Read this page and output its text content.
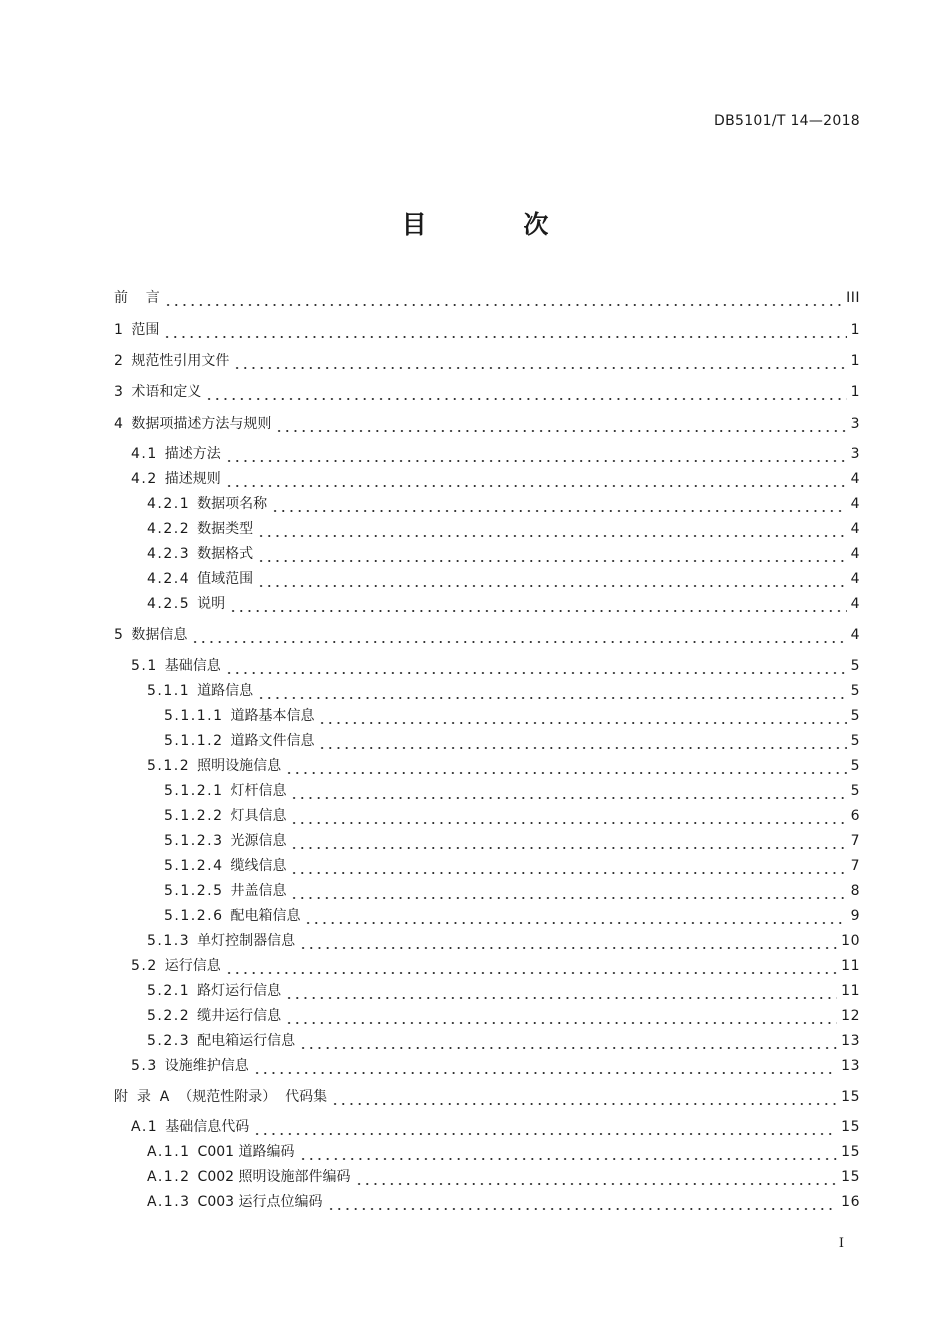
DB5101/T 14—2018
目 次
前    言	III
1 范围	1
2 规范性引用文件	1
3 术语和定义	1
4 数据项描述方法与规则	3
4.1 描述方法	3
4.2 描述规则	4
4.2.1 数据项名称	4
4.2.2 数据类型	4
4.2.3 数据格式	4
4.2.4 值域范围	4
4.2.5 说明	4
5 数据信息	4
5.1 基础信息	5
5.1.1 道路信息	5
5.1.1.1 道路基本信息	5
5.1.1.2 道路文件信息	5
5.1.2 照明设施信息	5
5.1.2.1 灯杆信息	5
5.1.2.2 灯具信息	6
5.1.2.3 光源信息	7
5.1.2.4 缆线信息	7
5.1.2.5 井盖信息	8
5.1.2.6 配电箱信息	9
5.1.3 单灯控制器信息	10
5.2 运行信息	11
5.2.1 路灯运行信息	11
5.2.2 缆井运行信息	12
5.2.3 配电箱运行信息	13
5.3 设施维护信息	13
附  录  A  （规范性附录）  代码集	15
A.1 基础信息代码	15
A.1.1 C001 道路编码	15
A.1.2 C002 照明设施部件编码	15
A.1.3 C003 运行点位编码	16
I
